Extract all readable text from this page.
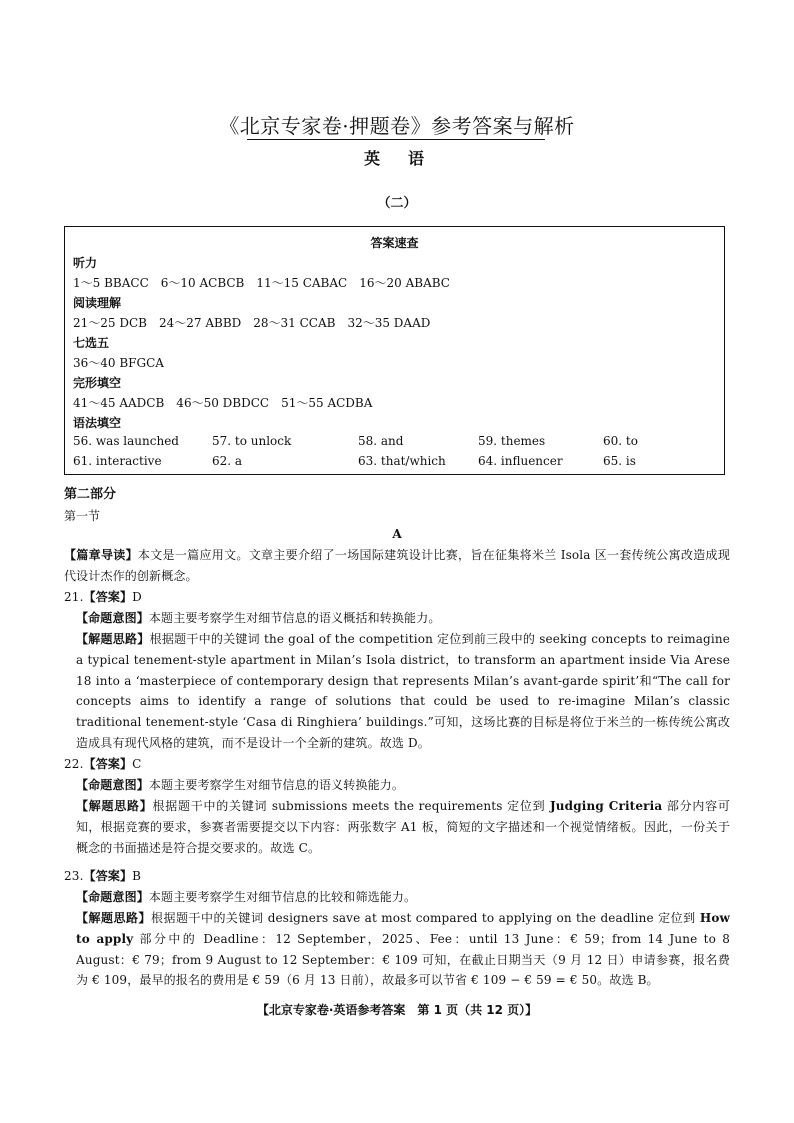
《北京专家卷·押题卷》参考答案与解析
英　语
（二）
答案速查
听力
1～5 BBACC　6～10 ACBCB　11～15 CABAC　16～20 ABABC
阅读理解
21～25 DCB　24～27 ABBD　28～31 CCAB　32～35 DAAD
七选五
36～40 BFGCA
完形填空
41～45 AADCB　46～50 DBDCC　51～55 ACDBA
语法填空
56. was launched	57. to unlock	58. and	59. themes	60. to
61. interactive	62. a	63. that/which	64. influencer	65. is
第二部分
第一节
A
【篇章导读】本文是一篇应用文。文章主要介绍了一场国际建筑设计比赛，旨在征集将米兰 Isola 区一套传统公寓改造成现代设计杰作的创新概念。
21.【答案】D
【命题意图】本题主要考察学生对细节信息的语义概括和转换能力。
【解题思路】根据题干中的关键词 the goal of the competition 定位到前三段中的 seeking concepts to reimagine a typical tenement-style apartment in Milan’s Isola district，to transform an apartment inside Via Arese 18 into a ‘masterpiece of contemporary design that represents Milan’s avant-garde spirit’和“The call for concepts aims to identify a range of solutions that could be used to re-imagine Milan’s classic traditional tenement-style ‘Casa di Ringhiera’ buildings.”可知，这场比赛的目标是将位于米兰的一栋传统公寓改造成具有现代风格的建筑，而不是设计一个全新的建筑。故选 D。
22.【答案】C
【命题意图】本题主要考察学生对细节信息的语义转换能力。
【解题思路】根据题干中的关键词 submissions meets the requirements 定位到 Judging Criteria 部分内容可知，根据竞赛的要求，参赛者需要提交以下内容：两张数字 A1 板，简短的文字描述和一个视觉情绪板。因此，一份关于概念的书面描述是符合提交要求的。故选 C。
23.【答案】B
【命题意图】本题主要考察学生对细节信息的比较和筛选能力。
【解题思路】根据题干中的关键词 designers save at most compared to applying on the deadline 定位到 How to apply 部分中的 Deadline：12 September，2025、Fee：until 13 June：€ 59；from 14 June to 8 August：€ 79；from 9 August to 12 September：€ 109 可知，在截止日期当天（9 月 12 日）申请参赛，报名费为 € 109，最早的报名的费用是 € 59（6 月 13 日前），故最多可以节省 € 109 − € 59 = € 50。故选 B。
【北京专家卷·英语参考答案　第 1 页（共 12 页）】
